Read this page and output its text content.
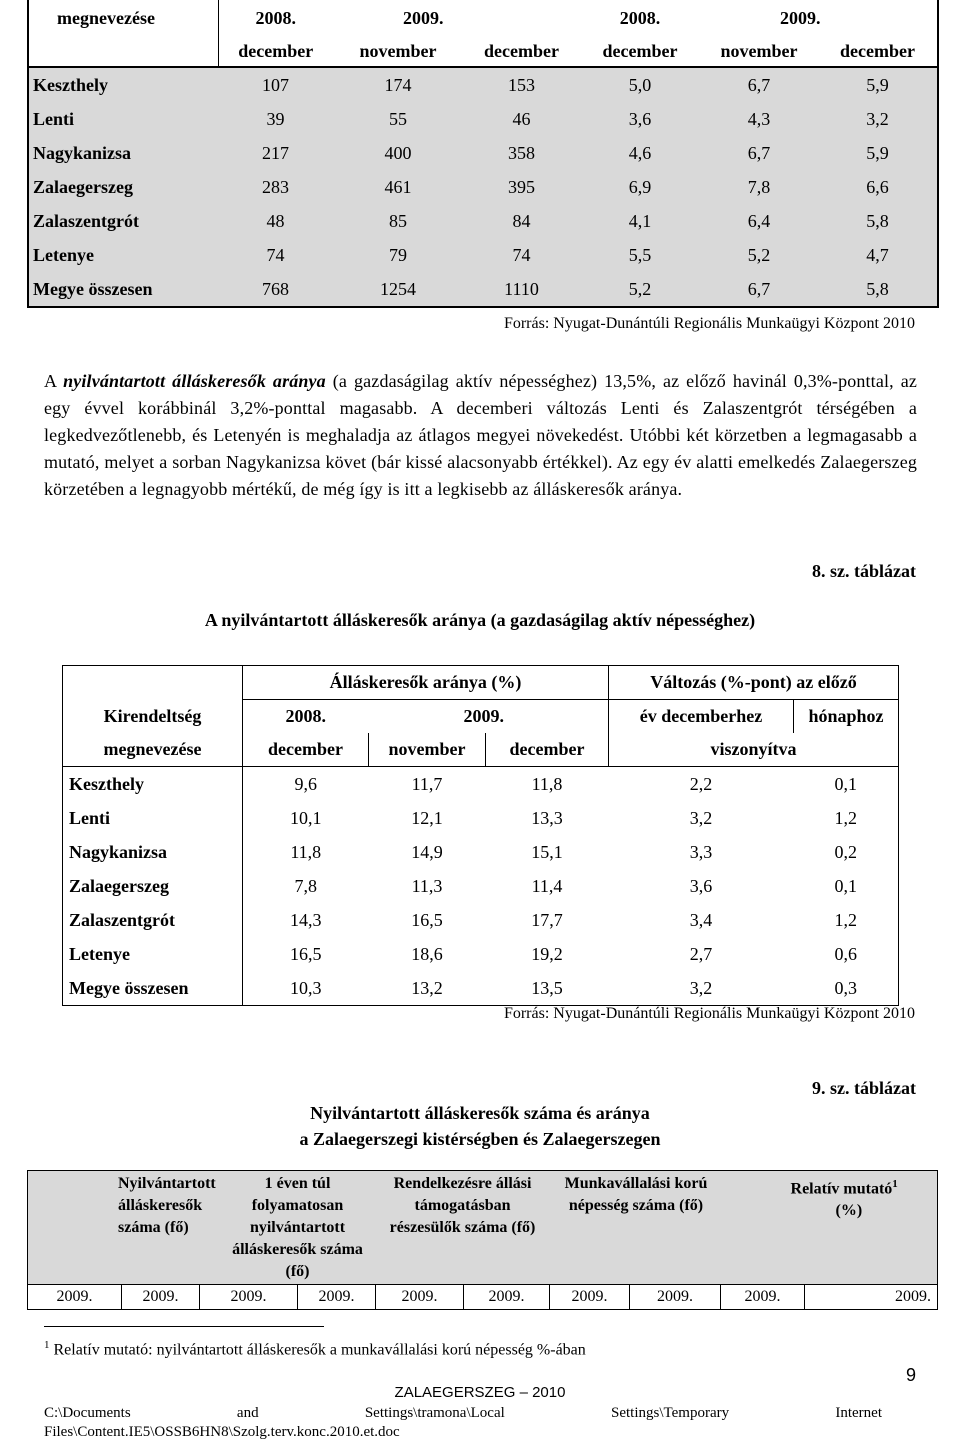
megnevezése	2008.	2009.		2008.	2009.	
	december	november	december	december	november	december
Keszthely	107	174	153	5,0	6,7	5,9
Lenti	39	55	46	3,6	4,3	3,2
Nagykanizsa	217	400	358	4,6	6,7	5,9
Zalaegerszeg	283	461	395	6,9	7,8	6,6
Zalaszentgrót	48	85	84	4,1	6,4	5,8
Letenye	74	79	74	5,5	5,2	4,7
Megye összesen	768	1254	1110	5,2	6,7	5,8
Forrás: Nyugat-Dunántúli Regionális Munkaügyi Központ 2010
A nyilvántartott álláskeresők aránya (a gazdaságilag aktív népességhez) 13,5%, az előző havinál 0,3%-ponttal, az egy évvel korábbinál 3,2%-ponttal magasabb. A decemberi változás Lenti és Zalaszentgrót térségében a legkedvezőtlenebb, és Letenyén is meghaladja az átlagos megyei növekedést. Utóbbi két körzetben a legmagasabb a mutató, melyet a sorban Nagykanizsa követ (bár kissé alacsonyabb értékkel). Az egy év alatti emelkedés Zalaegerszeg körzetében a legnagyobb mértékű, de még így is itt a legkisebb az álláskeresők aránya.
8. sz. táblázat
A nyilvántartott álláskeresők aránya (a gazdaságilag aktív népességhez)
	Álláskeresők aránya (%)			Változás (%-pont) az előző	
Kirendeltség	2008.	2009.		év decemberhez	hónaphoz
megnevezése	december	november	december	viszonyítva	
Keszthely	9,6	11,7	11,8	2,2	0,1
Lenti	10,1	12,1	13,3	3,2	1,2
Nagykanizsa	11,8	14,9	15,1	3,3	0,2
Zalaegerszeg	7,8	11,3	11,4	3,6	0,1
Zalaszentgrót	14,3	16,5	17,7	3,4	1,2
Letenye	16,5	18,6	19,2	2,7	0,6
Megye összesen	10,3	13,2	13,5	3,2	0,3
Forrás: Nyugat-Dunántúli Regionális Munkaügyi Központ 2010
9. sz. táblázat
Nyilvántartott álláskeresők száma és aránya
a Zalaegerszegi kistérségben és Zalaegerszegen
Nyilvántartott álláskeresők száma (fő)		1 éven túl folyamatosan nyilvántartott álláskeresők száma (fő)		Rendelkezésre állási támogatásban részesülők száma (fő)		Munkavállalási korú népesség száma (fő)		Relatív mutató$^1$
(%)	
2009.	2009.	2009.	2009.	2009.	2009.	2009.	2009.	2009.	2009.
$^1$ Relatív mutató: nyilvántartott álláskeresők a munkavállalási korú népesség %-ában
9
ZALAEGERSZEG – 2010
C:\Documents	and	Settings\tramona\Local	Settings\Temporary	Internet
Files\Content.IE5\OSSB6HN8\Szolg.terv.konc.2010.et.doc
